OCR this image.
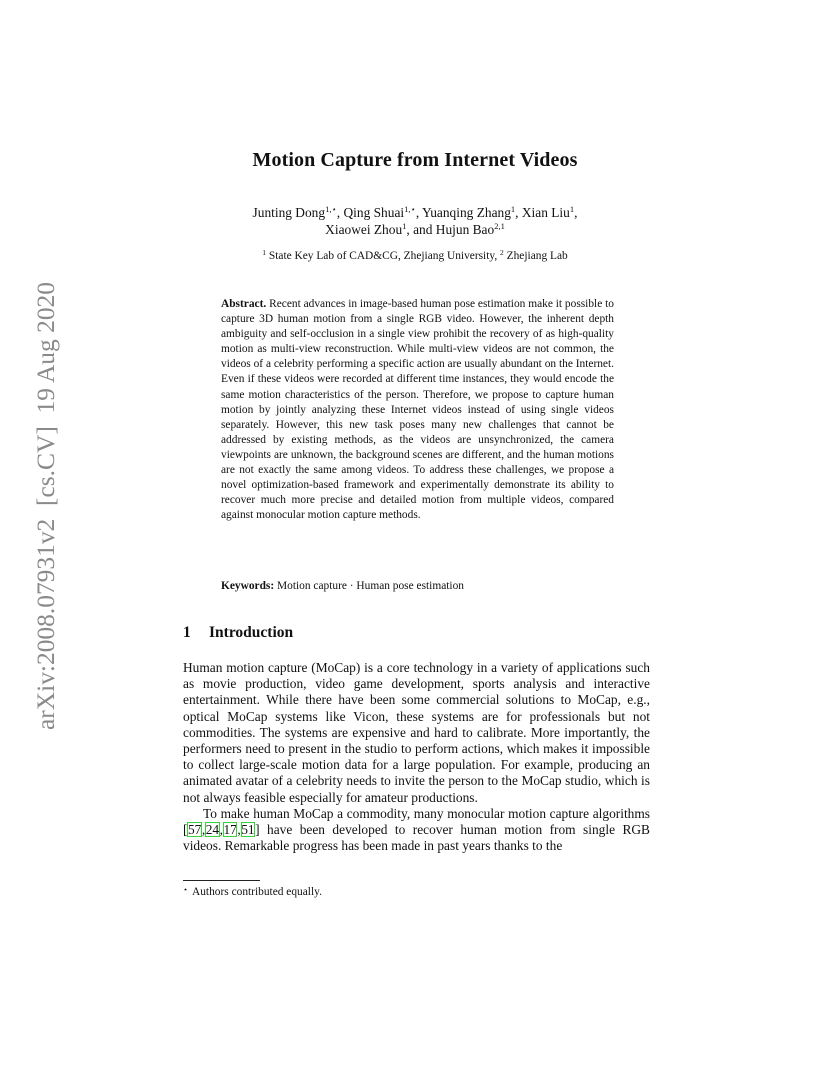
arXiv:2008.07931v2  [cs.CV]  19 Aug 2020
Motion Capture from Internet Videos
Junting Dong$^{1,⋆}$, Qing Shuai$^{1,⋆}$, Yuanqing Zhang$^1$, Xian Liu$^1$,
Xiaowei Zhou$^1$, and Hujun Bao$^{2,1}$
$^1$ State Key Lab of CAD&CG, Zhejiang University, $^2$ Zhejiang Lab

Abstract. Recent advances in image-based human pose estimation make it possible to capture 3D human motion from a single RGB video. However, the inherent depth ambiguity and self-occlusion in a single view prohibit the recovery of as high-quality motion as multi-view reconstruction. While multi-view videos are not common, the videos of a celebrity performing a specific action are usually abundant on the Internet. Even if these videos were recorded at different time instances, they would encode the same motion characteristics of the person. Therefore, we propose to capture human motion by jointly analyzing these Internet videos instead of using single videos separately. However, this new task poses many new challenges that cannot be addressed by existing methods, as the videos are unsynchronized, the camera viewpoints are unknown, the background scenes are different, and the human motions are not exactly the same among videos. To address these challenges, we propose a novel optimization-based framework and experimentally demonstrate its ability to recover much more precise and detailed motion from multiple videos, compared against monocular motion capture methods.

Keywords: Motion capture · Human pose estimation
1 Introduction

Human motion capture (MoCap) is a core technology in a variety of applications such as movie production, video game development, sports analysis and interactive entertainment. While there have been some commercial solutions to MoCap, e.g., optical MoCap systems like Vicon, these systems are for professionals but not commodities. The systems are expensive and hard to calibrate. More importantly, the performers need to present in the studio to perform actions, which makes it impossible to collect large-scale motion data for a large population. For example, producing an animated avatar of a celebrity needs to invite the person to the MoCap studio, which is not always feasible especially for amateur productions.

To make human MoCap a commodity, many monocular motion capture algorithms [57,24,17,51] have been developed to recover human motion from single RGB videos. Remarkable progress has been made in past years thanks to the

⋆ Authors contributed equally.
